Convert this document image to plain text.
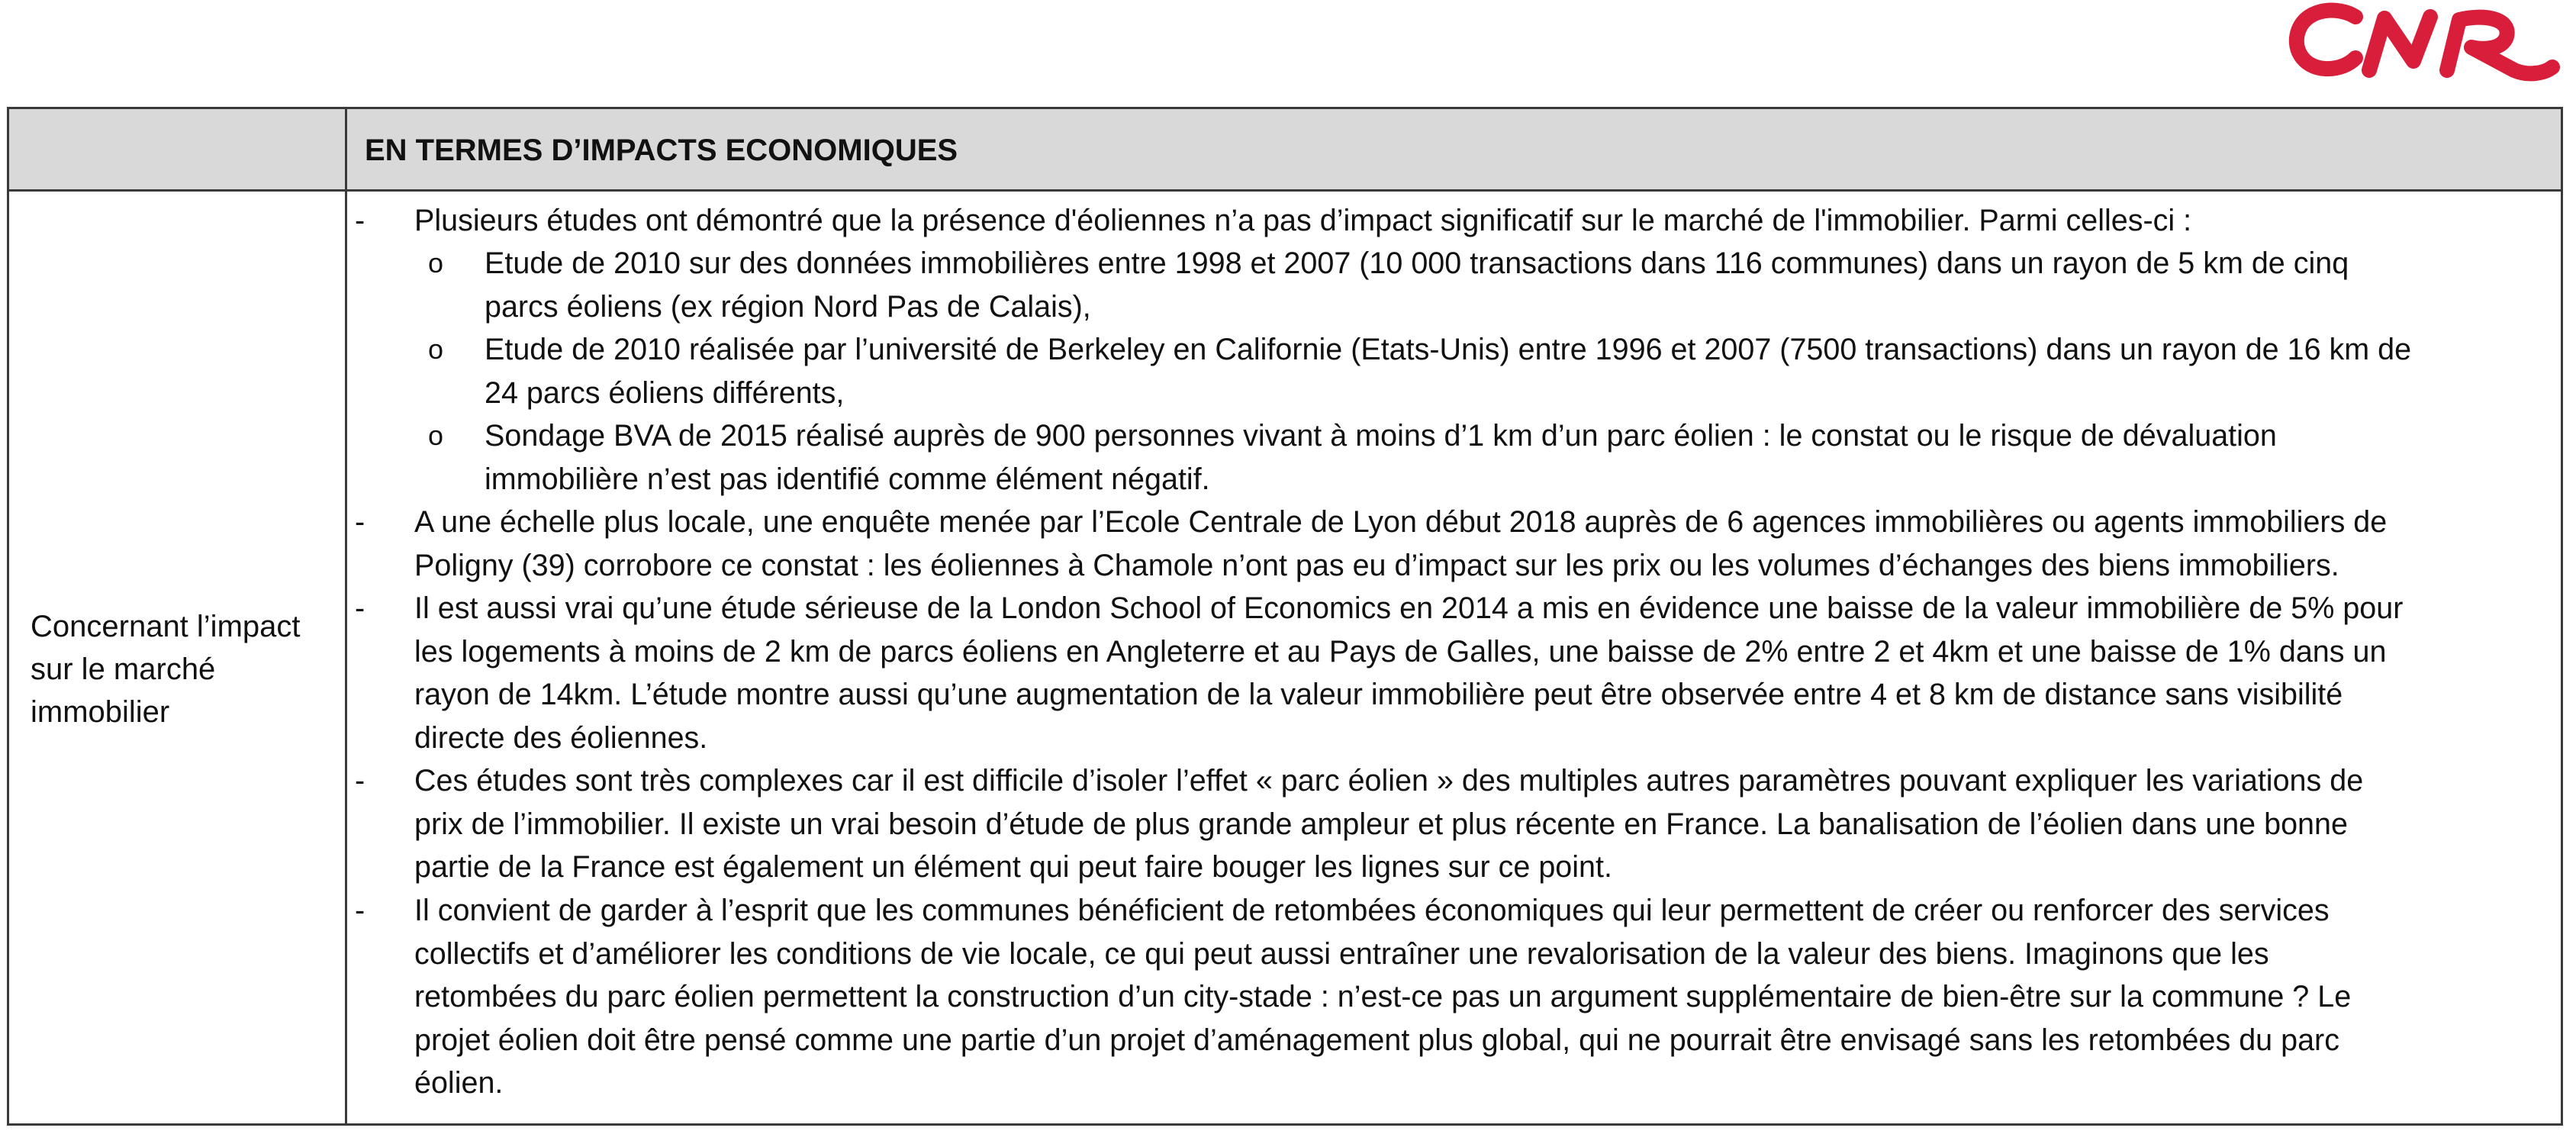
EN TERMES D’IMPACTS ECONOMIQUES
Concernant l’impact
sur le marché
immobilier
-	Plusieurs études ont démontré que la présence d'éoliennes n’a pas d’impact significatif sur le marché de l'immobilier. Parmi celles-ci :
o Etude de 2010 sur des données immobilières entre 1998 et 2007 (10 000 transactions dans 116 communes) dans un rayon de 5 km de cinq
parcs éoliens (ex région Nord Pas de Calais),
o Etude de 2010 réalisée par l’université de Berkeley en Californie (Etats-Unis) entre 1996 et 2007 (7500 transactions) dans un rayon de 16 km de
24 parcs éoliens différents,
o Sondage BVA de 2015 réalisé auprès de 900 personnes vivant à moins d’1 km d’un parc éolien : le constat ou le risque de dévaluation
immobilière n’est pas identifié comme élément négatif.
-	A une échelle plus locale, une enquête menée par l’Ecole Centrale de Lyon début 2018 auprès de 6 agences immobilières ou agents immobiliers de
Poligny (39) corrobore ce constat : les éoliennes à Chamole n’ont pas eu d’impact sur les prix ou les volumes d’échanges des biens immobiliers.
-	Il est aussi vrai qu’une étude sérieuse de la London School of Economics en 2014 a mis en évidence une baisse de la valeur immobilière de 5% pour
les logements à moins de 2 km de parcs éoliens en Angleterre et au Pays de Galles, une baisse de 2% entre 2 et 4km et une baisse de 1% dans un
rayon de 14km. L’étude montre aussi qu’une augmentation de la valeur immobilière peut être observée entre 4 et 8 km de distance sans visibilité
directe des éoliennes.
-	Ces études sont très complexes car il est difficile d’isoler l’effet « parc éolien » des multiples autres paramètres pouvant expliquer les variations de
prix de l’immobilier. Il existe un vrai besoin d’étude de plus grande ampleur et plus récente en France. La banalisation de l’éolien dans une bonne
partie de la France est également un élément qui peut faire bouger les lignes sur ce point.
-	Il convient de garder à l’esprit que les communes bénéficient de retombées économiques qui leur permettent de créer ou renforcer des services
collectifs et d’améliorer les conditions de vie locale, ce qui peut aussi entraîner une revalorisation de la valeur des biens. Imaginons que les
retombées du parc éolien permettent la construction d’un city-stade : n’est-ce pas un argument supplémentaire de bien-être sur la commune ? Le
projet éolien doit être pensé comme une partie d’un projet d’aménagement plus global, qui ne pourrait être envisagé sans les retombées du parc
éolien.
